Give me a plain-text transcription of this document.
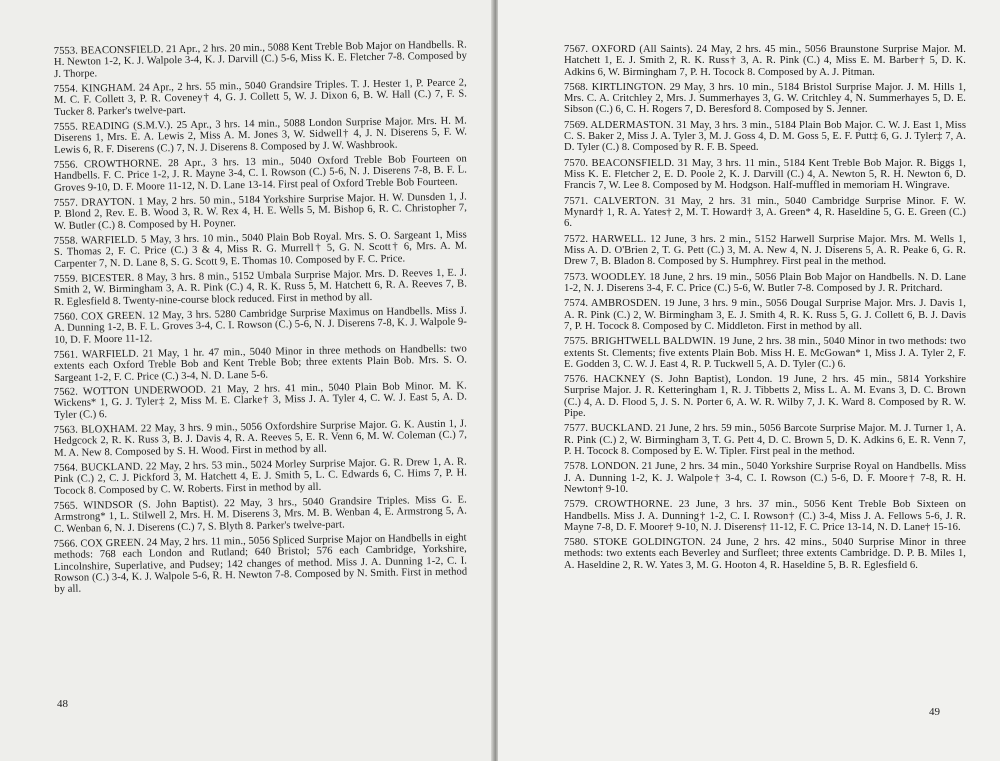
7553. BEACONSFIELD. 21 Apr., 2 hrs. 20 min., 5088 Kent Treble Bob Major on Handbells. R. H. Newton 1-2, K. J. Walpole 3-4, K. J. Darvill (C.) 5-6, Miss K. E. Fletcher 7-8. Composed by J. Thorpe.

7554. KINGHAM. 24 Apr., 2 hrs. 55 min., 5040 Grandsire Triples. T. J. Hester 1, P. Pearce 2, M. C. F. Collett 3, P. R. Coveney† 4, G. J. Collett 5, W. J. Dixon 6, B. W. Hall (C.) 7, F. S. Tucker 8. Parker's twelve-part.

7555. READING (S.M.V.). 25 Apr., 3 hrs. 14 min., 5088 London Surprise Major. Mrs. H. M. Diserens 1, Mrs. E. A. Lewis 2, Miss A. M. Jones 3, W. Sidwell† 4, J. N. Diserens 5, F. W. Lewis 6, R. F. Diserens (C.) 7, N. J. Diserens 8. Composed by J. W. Washbrook.

7556. CROWTHORNE. 28 Apr., 3 hrs. 13 min., 5040 Oxford Treble Bob Fourteen on Handbells. F. C. Price 1-2, J. R. Mayne 3-4, C. I. Rowson (C.) 5-6, N. J. Diserens 7-8, B. F. L. Groves 9-10, D. F. Moore 11-12, N. D. Lane 13-14. First peal of Oxford Treble Bob Fourteen.

7557. DRAYTON. 1 May, 2 hrs. 50 min., 5184 Yorkshire Surprise Major. H. W. Dunsden 1, J. P. Blond 2, Rev. E. B. Wood 3, R. W. Rex 4, H. E. Wells 5, M. Bishop 6, R. C. Christopher 7, W. Butler (C.) 8. Composed by H. Poyner.

7558. WARFIELD. 5 May, 3 hrs. 10 min., 5040 Plain Bob Royal. Mrs. S. O. Sargeant 1, Miss S. Thomas 2, F. C. Price (C.) 3 & 4, Miss R. G. Murrell† 5, G. N. Scott† 6, Mrs. A. M. Carpenter 7, N. D. Lane 8, S. G. Scott 9, E. Thomas 10. Composed by F. C. Price.

7559. BICESTER. 8 May, 3 hrs. 8 min., 5152 Umbala Surprise Major. Mrs. D. Reeves 1, E. J. Smith 2, W. Birmingham 3, A. R. Pink (C.) 4, R. K. Russ 5, M. Hatchett 6, R. A. Reeves 7, B. R. Eglesfield 8. Twenty-nine-course block reduced. First in method by all.

7560. COX GREEN. 12 May, 3 hrs. 5280 Cambridge Surprise Maximus on Handbells. Miss J. A. Dunning 1-2, B. F. L. Groves 3-4, C. I. Rowson (C.) 5-6, N. J. Diserens 7-8, K. J. Walpole 9-10, D. F. Moore 11-12.

7561. WARFIELD. 21 May, 1 hr. 47 min., 5040 Minor in three methods on Handbells: two extents each Oxford Treble Bob and Kent Treble Bob; three extents Plain Bob. Mrs. S. O. Sargeant 1-2, F. C. Price (C.) 3-4, N. D. Lane 5-6.

7562. WOTTON UNDERWOOD. 21 May, 2 hrs. 41 min., 5040 Plain Bob Minor. M. K. Wickens* 1, G. J. Tyler‡ 2, Miss M. E. Clarke† 3, Miss J. A. Tyler 4, C. W. J. East 5, A. D. Tyler (C.) 6.

7563. BLOXHAM. 22 May, 3 hrs. 9 min., 5056 Oxfordshire Surprise Major. G. K. Austin 1, J. Hedgcock 2, R. K. Russ 3, B. J. Davis 4, R. A. Reeves 5, E. R. Venn 6, M. W. Coleman (C.) 7, M. A. New 8. Composed by S. H. Wood. First in method by all.

7564. BUCKLAND. 22 May, 2 hrs. 53 min., 5024 Morley Surprise Major. G. R. Drew 1, A. R. Pink (C.) 2, C. J. Pickford 3, M. Hatchett 4, E. J. Smith 5, L. C. Edwards 6, C. Hims 7, P. H. Tocock 8. Composed by C. W. Roberts. First in method by all.

7565. WINDSOR (S. John Baptist). 22 May, 3 hrs., 5040 Grandsire Triples. Miss G. E. Armstrong* 1, L. Stilwell 2, Mrs. H. M. Diserens 3, Mrs. M. B. Wenban 4, E. Armstrong 5, A. C. Wenban 6, N. J. Diserens (C.) 7, S. Blyth 8. Parker's twelve-part.

7566. COX GREEN. 24 May, 2 hrs. 11 min., 5056 Spliced Surprise Major on Handbells in eight methods: 768 each London and Rutland; 640 Bristol; 576 each Cambridge, Yorkshire, Lincolnshire, Superlative, and Pudsey; 142 changes of method. Miss J. A. Dunning 1-2, C. I. Rowson (C.) 3-4, K. J. Walpole 5-6, R. H. Newton 7-8. Composed by N. Smith. First in method by all.

48

7567. OXFORD (All Saints). 24 May, 2 hrs. 45 min., 5056 Braunstone Surprise Major. M. Hatchett 1, E. J. Smith 2, R. K. Russ† 3, A. R. Pink (C.) 4, Miss E. M. Barber† 5, D. K. Adkins 6, W. Birmingham 7, P. H. Tocock 8. Composed by A. J. Pitman.

7568. KIRTLINGTON. 29 May, 3 hrs. 10 min., 5184 Bristol Surprise Major. J. M. Hills 1, Mrs. C. A. Critchley 2, Mrs. J. Summerhayes 3, G. W. Critchley 4, N. Summerhayes 5, D. E. Sibson (C.) 6, C. H. Rogers 7, D. Beresford 8. Composed by S. Jenner.

7569. ALDERMASTON. 31 May, 3 hrs. 3 min., 5184 Plain Bob Major. C. W. J. East 1, Miss C. S. Baker 2, Miss J. A. Tyler 3, M. J. Goss 4, D. M. Goss 5, E. F. Putt‡ 6, G. J. Tyler‡ 7, A. D. Tyler (C.) 8. Composed by R. F. B. Speed.

7570. BEACONSFIELD. 31 May, 3 hrs. 11 min., 5184 Kent Treble Bob Major. R. Biggs 1, Miss K. E. Fletcher 2, E. D. Poole 2, K. J. Darvill (C.) 4, A. Newton 5, R. H. Newton 6, D. Francis 7, W. Lee 8. Composed by M. Hodgson. Half-muffled in memoriam H. Wingrave.

7571. CALVERTON. 31 May, 2 hrs. 31 min., 5040 Cambridge Surprise Minor. F. W. Mynard† 1, R. A. Yates† 2, M. T. Howard† 3, A. Green* 4, R. Haseldine 5, G. E. Green (C.) 6.

7572. HARWELL. 12 June, 3 hrs. 2 min., 5152 Harwell Surprise Major. Mrs. M. Wells 1, Miss A. D. O'Brien 2, T. G. Pett (C.) 3, M. A. New 4, N. J. Diserens 5, A. R. Peake 6, G. R. Drew 7, B. Bladon 8. Composed by S. Humphrey. First peal in the method.

7573. WOODLEY. 18 June, 2 hrs. 19 min., 5056 Plain Bob Major on Handbells. N. D. Lane 1-2, N. J. Diserens 3-4, F. C. Price (C.) 5-6, W. Butler 7-8. Composed by J. R. Pritchard.

7574. AMBROSDEN. 19 June, 3 hrs. 9 min., 5056 Dougal Surprise Major. Mrs. J. Davis 1, A. R. Pink (C.) 2, W. Birmingham 3, E. J. Smith 4, R. K. Russ 5, G. J. Collett 6, B. J. Davis 7, P. H. Tocock 8. Composed by C. Middleton. First in method by all.

7575. BRIGHTWELL BALDWIN. 19 June, 2 hrs. 38 min., 5040 Minor in two methods: two extents St. Clements; five extents Plain Bob. Miss H. E. McGowan* 1, Miss J. A. Tyler 2, F. E. Godden 3, C. W. J. East 4, R. P. Tuckwell 5, A. D. Tyler (C.) 6.

7576. HACKNEY (S. John Baptist), London. 19 June, 2 hrs. 45 min., 5814 Yorkshire Surprise Major. J. R. Ketteringham 1, R. J. Tibbetts 2, Miss L. A. M. Evans 3, D. C. Brown (C.) 4, A. D. Flood 5, J. S. N. Porter 6, A. W. R. Wilby 7, J. K. Ward 8. Composed by R. W. Pipe.

7577. BUCKLAND. 21 June, 2 hrs. 59 min., 5056 Barcote Surprise Major. M. J. Turner 1, A. R. Pink (C.) 2, W. Birmingham 3, T. G. Pett 4, D. C. Brown 5, D. K. Adkins 6, E. R. Venn 7, P. H. Tocock 8. Composed by E. W. Tipler. First peal in the method.

7578. LONDON. 21 June, 2 hrs. 34 min., 5040 Yorkshire Surprise Royal on Handbells. Miss J. A. Dunning 1-2, K. J. Walpole† 3-4, C. I. Rowson (C.) 5-6, D. F. Moore† 7-8, R. H. Newton† 9-10.

7579. CROWTHORNE. 23 June, 3 hrs. 37 min., 5056 Kent Treble Bob Sixteen on Handbells. Miss J. A. Dunning† 1-2, C. I. Rowson† (C.) 3-4, Miss J. A. Fellows 5-6, J. R. Mayne 7-8, D. F. Moore† 9-10, N. J. Diserens† 11-12, F. C. Price 13-14, N. D. Lane† 15-16.

7580. STOKE GOLDINGTON. 24 June, 2 hrs. 42 mins., 5040 Surprise Minor in three methods: two extents each Beverley and Surfleet; three extents Cambridge. D. P. B. Miles 1, A. Haseldine 2, R. W. Yates 3, M. G. Hooton 4, R. Haseldine 5, B. R. Eglesfield 6.

49
